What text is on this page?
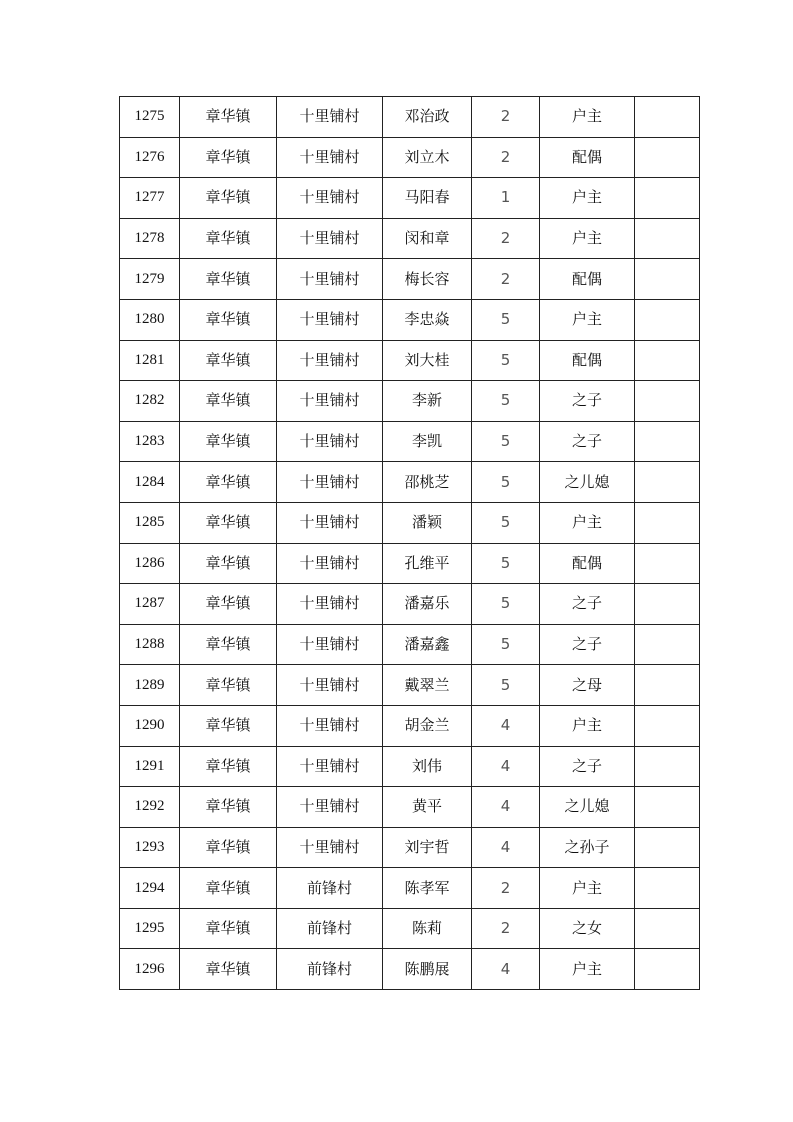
1275	章华镇	十里铺村	邓治政	2	户主	
1276	章华镇	十里铺村	刘立木	2	配偶	
1277	章华镇	十里铺村	马阳春	1	户主	
1278	章华镇	十里铺村	闵和章	2	户主	
1279	章华镇	十里铺村	梅长容	2	配偶	
1280	章华镇	十里铺村	李忠焱	5	户主	
1281	章华镇	十里铺村	刘大桂	5	配偶	
1282	章华镇	十里铺村	李新	5	之子	
1283	章华镇	十里铺村	李凯	5	之子	
1284	章华镇	十里铺村	邵桃芝	5	之儿媳	
1285	章华镇	十里铺村	潘颖	5	户主	
1286	章华镇	十里铺村	孔维平	5	配偶	
1287	章华镇	十里铺村	潘嘉乐	5	之子	
1288	章华镇	十里铺村	潘嘉鑫	5	之子	
1289	章华镇	十里铺村	戴翠兰	5	之母	
1290	章华镇	十里铺村	胡金兰	4	户主	
1291	章华镇	十里铺村	刘伟	4	之子	
1292	章华镇	十里铺村	黄平	4	之儿媳	
1293	章华镇	十里铺村	刘宇哲	4	之孙子	
1294	章华镇	前锋村	陈孝军	2	户主	
1295	章华镇	前锋村	陈莉	2	之女	
1296	章华镇	前锋村	陈鹏展	4	户主	
